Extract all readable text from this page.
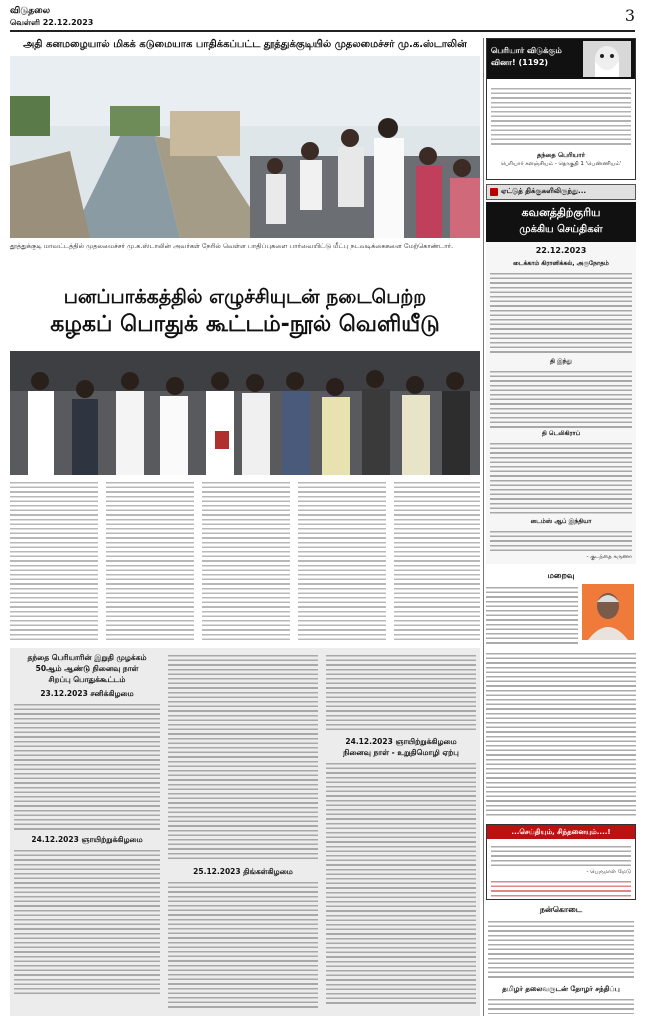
விடுதலை
வெள்ளி 22.12.2023	3
அதி கனமழையால் மிகக் கடுமையாக பாதிக்கப்பட்ட தூத்துக்குடியில் முதலமைச்சர் மு.க.ஸ்டாலின்
தூத்துக்குடி மாவட்டத்தில் முதலமைச்சர் மு.க.ஸ்டாலின் அவர்கள் நேரில் வெள்ள பாதிப்புகளை பார்வையிட்டு மீட்பு நடவடிக்கைகளை மேற்கொண்டார்.
பனப்பாக்கத்தில் எழுச்சியுடன் நடைபெற்ற
கழகப் பொதுக் கூட்டம்-நூல் வெளியீடு
தந்தை பெரியாரின் இறுதி முழக்கம்
50ஆம் ஆண்டு நினைவு நாள்
சிறப்பு பொதுக்கூட்டம்
23.12.2023 சனிக்கிழமை
24.12.2023 ஞாயிற்றுக்கிழமை
25.12.2023 திங்கள்கிழமை
24.12.2023 ஞாயிற்றுக்கிழமை
நினைவு நாள் - உறுதிமொழி ஏற்பு
பெரியார் விடுக்கும் வினா! (1192)
தந்தை பெரியார்
பெரியார் களஞ்சியம் - தொகுதி 1 'பெண்ணியம்'
ஏட்டுத் திக்குகளிலிருந்து...
கவனத்திற்குரிய
முக்கிய செய்திகள்
22.12.2023
டைக்காம் கிரானிக்கல், அருநோதம்
தி இந்து
தி டெலிகிராப்
டைம்ஸ் ஆப் இந்தியா
- குடந்தை கருணா
மறைவு
...செய்தியும், சிந்தனையும்....!
- பெருமாள் மேடு
நன்கொடை
தமிழர் தலைவருடன் தோழர் சந்திப்பு
